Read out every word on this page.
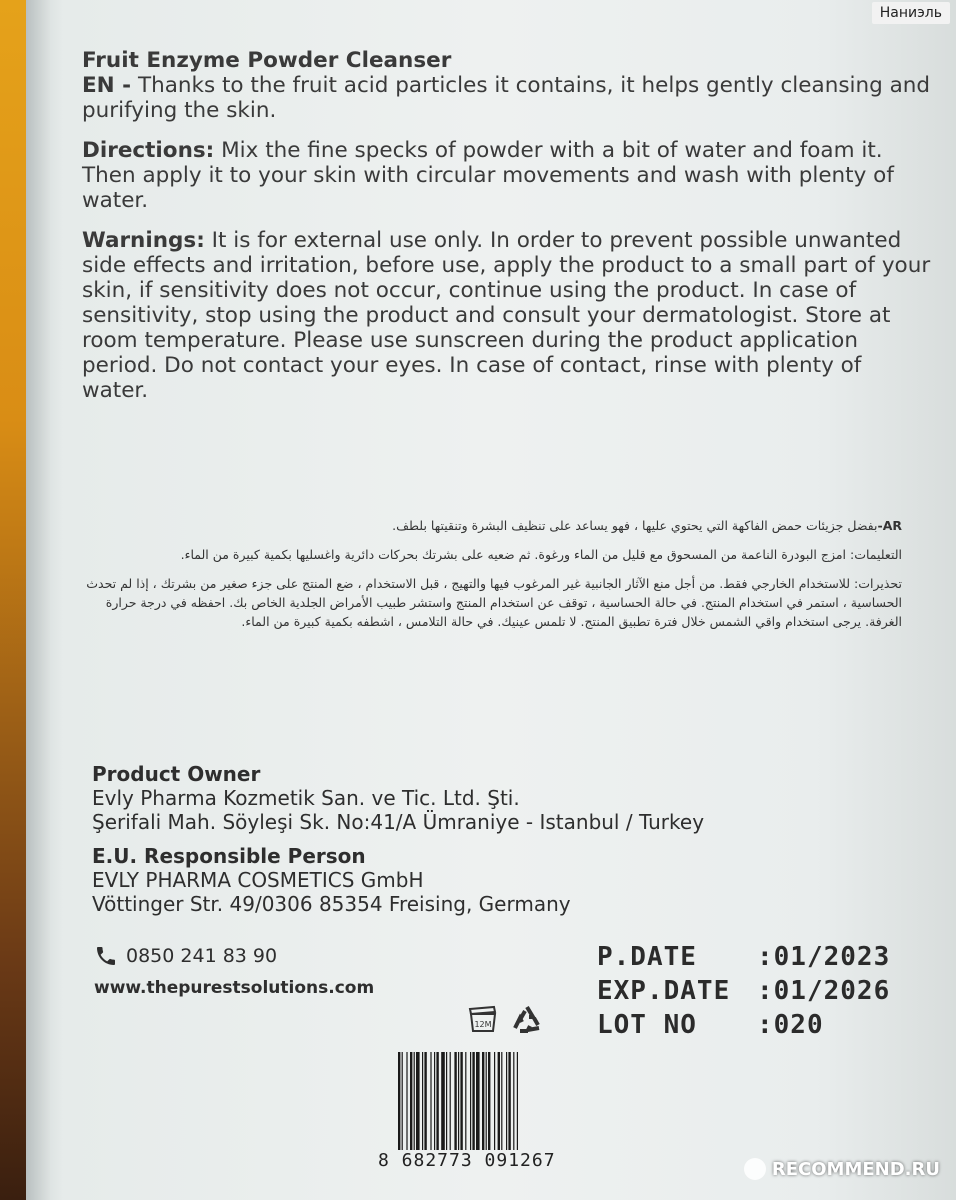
Наниэль

Fruit Enzyme Powder Cleanser
EN - Thanks to the fruit acid particles it contains, it helps gently cleansing and purifying the skin.

Directions: Mix the fine specks of powder with a bit of water and foam it. Then apply it to your skin with circular movements and wash with plenty of water.

Warnings: It is for external use only. In order to prevent possible unwanted side effects and irritation, before use, apply the product to a small part of your skin, if sensitivity does not occur, continue using the product. In case of sensitivity, stop using the product and consult your dermatologist. Store at room temperature. Please use sunscreen during the product application period. Do not contact your eyes. In case of contact, rinse with plenty of water.

AR-بفضل جزيئات حمض الفاكهة التي يحتوي عليها ، فهو يساعد على تنظيف البشرة وتنقيتها بلطف.

التعليمات: امزج البودرة الناعمة من المسحوق مع قليل من الماء ورغوة. ثم ضعيه على بشرتك بحركات دائرية واغسليها بكمية كبيرة من الماء.

تحذيرات: للاستخدام الخارجي فقط. من أجل منع الآثار الجانبية غير المرغوب فيها والتهيج ، قبل الاستخدام ، ضع المنتج على جزء صغير من بشرتك ، إذا لم تحدث الحساسية ، استمر في استخدام المنتج. في حالة الحساسية ، توقف عن استخدام المنتج واستشر طبيب الأمراض الجلدية الخاص بك. احفظه في درجة حرارة الغرفة. يرجى استخدام واقي الشمس خلال فترة تطبيق المنتج. لا تلمس عينيك. في حالة التلامس ، اشطفه بكمية كبيرة من الماء.

Product Owner
Evly Pharma Kozmetik San. ve Tic. Ltd. Şti.
Şerifali Mah. Söyleşi Sk. No:41/A Ümraniye - Istanbul / Turkey

E.U. Responsible Person
EVLY PHARMA COSMETICS GmbH
Vöttinger Str. 49/0306 85354 Freising, Germany

0850 241 83 90
www.thepurestsolutions.com
P.DATE	:01/2023
EXP.DATE	:01/2026
LOT NO	:020
12M
8 682773 091267	RECOMMEND.RU
